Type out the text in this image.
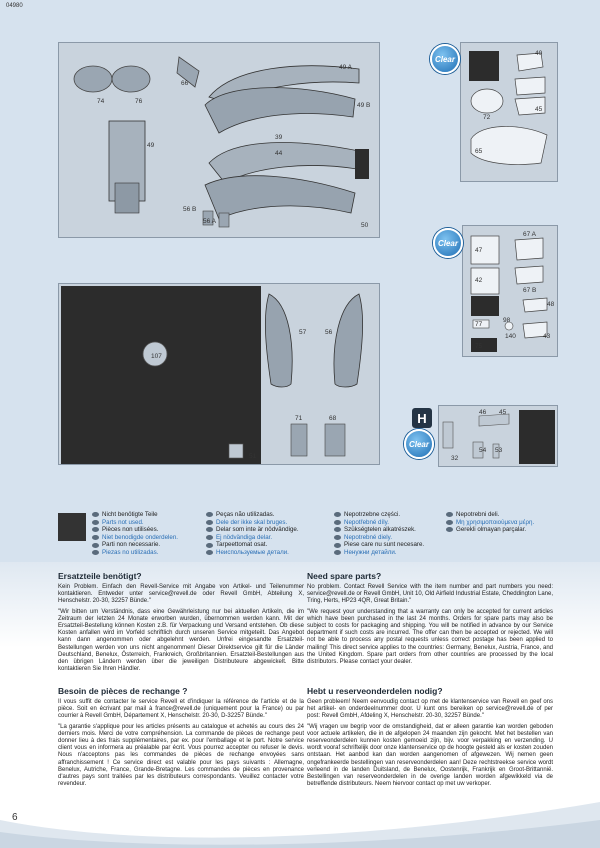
04980
74	76
66
49 A
49 B
39
49
44
56 B
56 A
50
40
72
45
65
Clear
67 A
47
42
67 B
48
77
98
140	43
75
Clear
107
57	56
71	68
51
46 45
32
54 53
H
Clear
Nicht benötigte Teile
Parts not used.
Pièces non utilisées.
Niet benodigde onderdelen.
Parti non necessarie.
Piezas no utilizadas.
Peças não utilizadas.
Dele der ikke skal bruges.
Delar som inte är nödvändige.
Ej nödvändiga delar.
Tarpeettomat osat.
Неиспользуемые детали.
Nepotrzebne części.
Nepotřebné díly.
Szükségtelen alkatrészek.
Nepotrebné diely.
Piese care nu sunt necesare.
Ненужни детайли.
Nepotrebni deli.
Μη χρησιμοποιούμενα μέρη.
Gerekli olmayan parçalar.
Ersatzteile benötigt?

Kein Problem. Einfach den Revell-Service mit Angabe von Artikel- und Teilenummer kontaktieren. Entweder unter service@revell.de oder Revell GmbH, Abteilung X, Henschelstr. 20-30, 32257 Bünde."

"Wir bitten um Verständnis, dass eine Gewährleistung nur bei aktuellen Artikeln, die im Zeitraum der letzten 24 Monate erworben wurden, übernommen werden kann. Mit der Ersatzteil-Bestellung können Kosten z.B. für Verpackung und Versand entstehen. Ob diese Kosten anfallen wird im Vorfeld schriftlich durch unseren Service mitgeteilt. Das Angebot kann dann angenommen oder abgelehnt werden. Unfrei eingesandte Ersatzteil-Bestellungen werden von uns nicht angenommen! Dieser Direktservice gilt für die Länder Deutschland, Benelux, Österreich, Frankreich, Großbritannien. Ersatzteil-Bestellungen aus den übrigen Ländern werden über die jeweiligen Distributeure abgewickelt. Bitte kontaktieren Sie Ihren Händler.

Besoin de pièces de rechange ?

Il vous suffit de contacter le service Revell et d'indiquer la référence de l'article et de la pièce. Soit en écrivant par mail à france@revell.de (uniquement pour la France) ou par courrier à Revell GmbH, Département X, Henschelstr. 20-30, D-32257 Bünde."

"La garantie s'applique pour les articles présents au catalogue et achetés au cours des 24 derniers mois. Merci de votre compréhension. La commande de pièces de rechange peut donner lieu à des frais supplémentaires, par ex. pour l'emballage et le port. Notre service client vous en informera au préalable par écrit. Vous pourrez accepter ou refuser le devis. Nous n'acceptons pas les commandes de pièces de rechange envoyées sans affranchissement ! Ce service direct est valable pour les pays suivants : Allemagne, Benelux, Autriche, France, Grande-Bretagne. Les commandes de pièces en provenance d'autres pays sont traitées par les distributeurs correspondants. Veuillez contacter votre revendeur.

Need spare parts?

No problem. Contact Revell Service with the item number and part numbers you need: service@revell.de or Revell GmbH, Unit 10, Old Airfield Industrial Estate, Cheddington Lane, Tring, Herts, HP23 4QR, Great Britain."

"We request your understanding that a warranty can only be accepted for current articles which have been purchased in the last 24 months. Orders for spare parts may also be subject to costs for packaging and shipping. You will be notified in advance by our Service department if such costs are incurred. The offer can then be accepted or rejected. We will not be able to process any postal requests unless correct postage has been applied to mailing! This direct service applies to the countries: Germany, Benelux, Austria, France, and the United Kingdom. Spare part orders from other countries are processed by the local distributors. Please contact your dealer.

Hebt u reserveonderdelen nodig?

Geen probleem! Neem eenvoudig contact op met de klantenservice van Revell en geef ons het artikel- en onderdeelnummer door. U kunt ons bereiken op service@revell.de of per post: Revell GmbH, Afdeling X, Henschelstr. 20-30, 32257 Bünde."

"Wij vragen uw begrip voor de omstandigheid, dat er alleen garantie kan worden geboden voor actuele artikelen, die in de afgelopen 24 maanden zijn gekocht. Met het bestellen van reserveonderdelen kunnen kosten gemoeid zijn, bijv. voor verpakking en verzending. U wordt vooraf schriftelijk door onze klantenservice op de hoogte gesteld als er kosten zouden ontstaan. Het aanbod kan dan worden aangenomen of afgewezen. Wij nemen geen ongefrankeerde bestellingen van reserveonderdelen aan! Deze rechtstreekse service wordt verleend in de landen Duitsland, de Benelux, Oostenrijk, Frankrijk en Groot-Brittannië. Bestellingen van reserveonderdelen in de overige landen worden afgewikkeld via de betreffende distributeurs. Neem hiervoor contact op met uw verkoper.

6
